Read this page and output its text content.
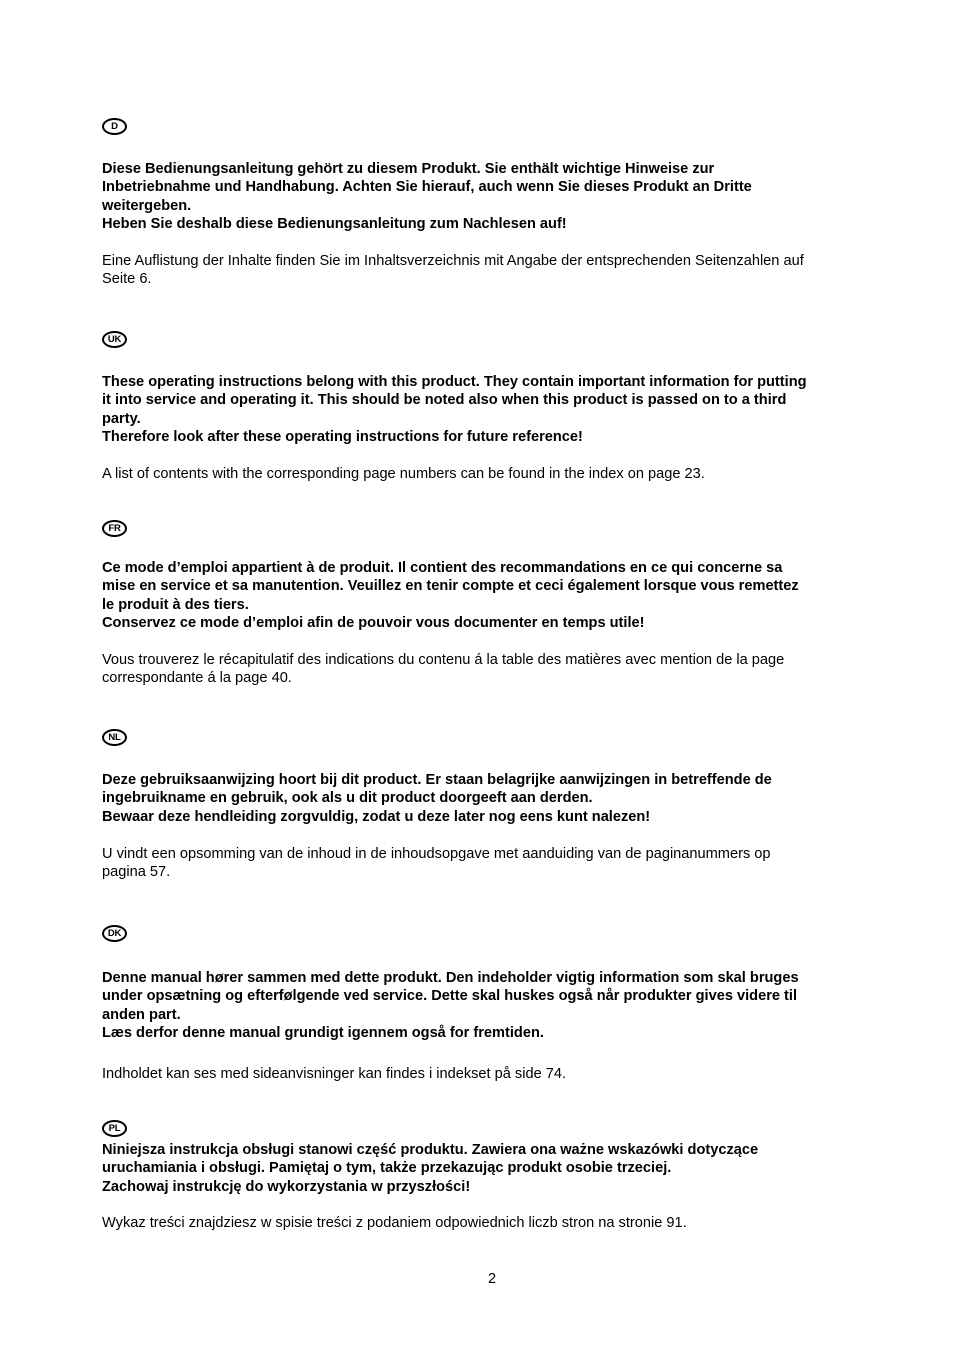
D

Diese Bedienungsanleitung gehört zu diesem Produkt. Sie enthält wichtige Hinweise zur
Inbetriebnahme und Handhabung. Achten Sie hierauf, auch wenn Sie dieses Produkt an Dritte
weitergeben.
Heben Sie deshalb diese Bedienungsanleitung zum Nachlesen auf!

Eine Auflistung der Inhalte finden Sie im Inhaltsverzeichnis mit Angabe der entsprechenden Seitenzahlen auf
Seite 6.

UK

These operating instructions belong with this product. They contain important information for putting
it into service and operating it. This should be noted also when this product is passed on to a third
party.
Therefore look after these operating instructions for future reference!

A list of contents with the corresponding page numbers can be found in the index on page 23.

FR

Ce mode d’emploi appartient à de produit. Il contient des recommandations en ce qui concerne sa
mise en service et sa manutention. Veuillez en tenir compte et ceci également lorsque vous remettez
le produit à des tiers.
Conservez ce mode d’emploi afin de pouvoir vous documenter en temps utile!

Vous trouverez le récapitulatif des indications du contenu á la table des matières avec mention de la page
correspondante á la page 40.

NL

Deze gebruiksaanwijzing hoort bij dit product. Er staan belagrijke aanwijzingen in betreffende de
ingebruikname en gebruik, ook als u dit product doorgeeft aan derden.
Bewaar deze hendleiding zorgvuldig, zodat u deze later nog eens kunt nalezen!

U vindt een opsomming van de inhoud in de inhoudsopgave met aanduiding van de paginanummers op
pagina 57.

DK

Denne manual hører sammen med dette produkt. Den indeholder vigtig information som skal bruges
under opsætning og efterfølgende ved service. Dette skal huskes også når produkter gives videre til
anden part.
Læs derfor denne manual grundigt igennem også for fremtiden.

Indholdet kan ses med sideanvisninger kan findes i indekset på side 74.

PL

Niniejsza instrukcja obsługi stanowi część produktu. Zawiera ona ważne wskazówki dotyczące
uruchamiania i obsługi. Pamiętaj o tym, także przekazując produkt osobie trzeciej.
Zachowaj instrukcję do wykorzystania w przyszłości!

Wykaz treści znajdziesz w spisie treści z podaniem odpowiednich liczb stron na stronie 91.

2
